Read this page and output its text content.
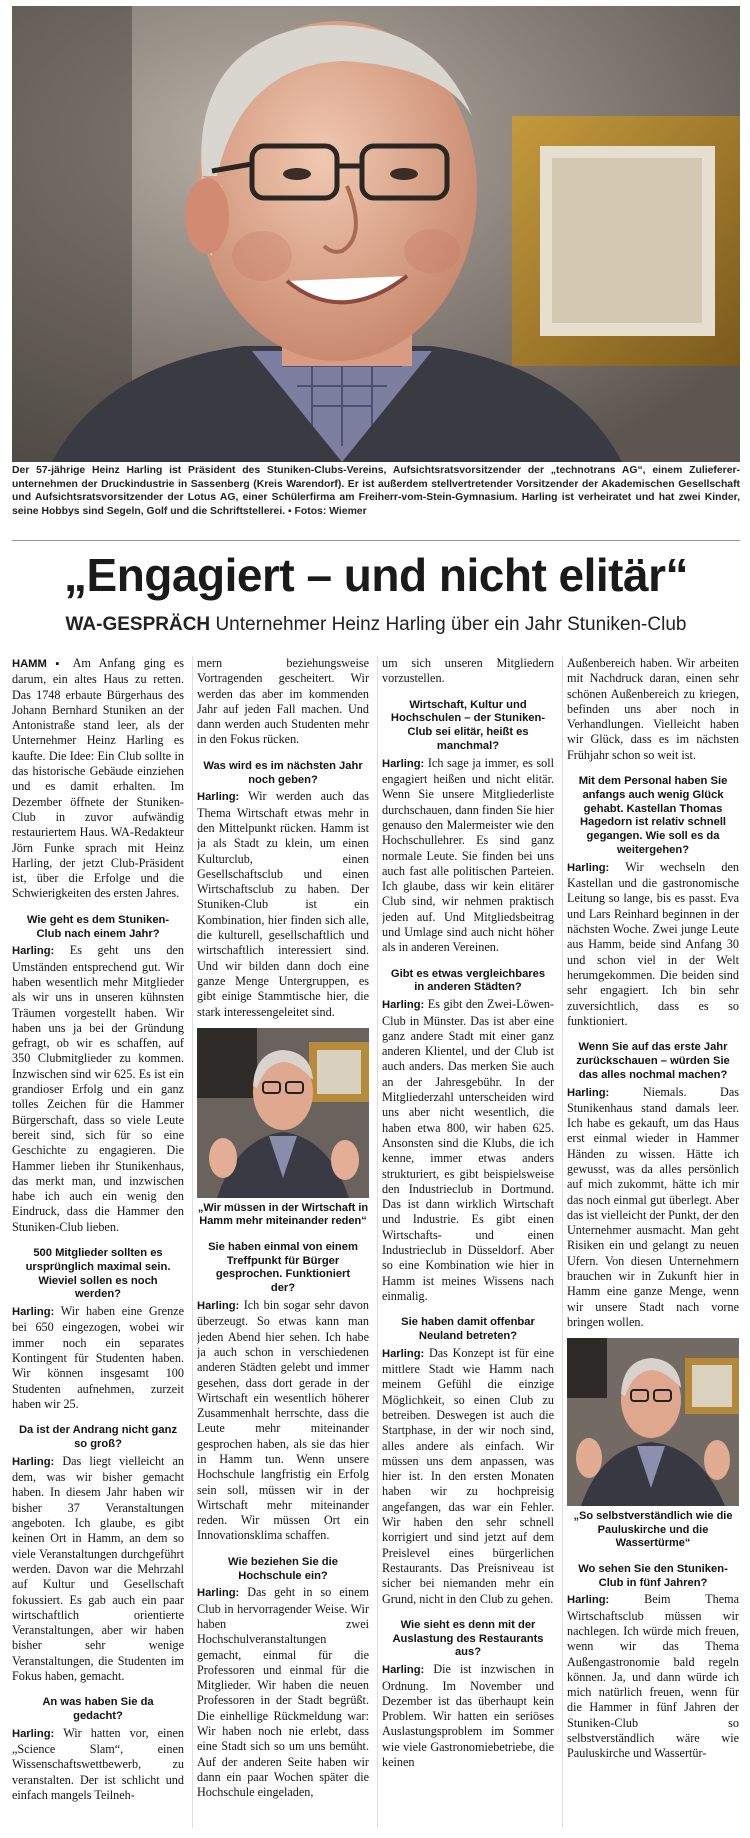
Der 57-jährige Heinz Harling ist Präsident des Stuniken-Clubs-Vereins, Aufsichtsratsvorsitzender der „technotrans AG“, einem Zulieferer-unternehmen der Druckindustrie in Sassenberg (Kreis Warendorf). Er ist außerdem stellvertretender Vorsitzender der Akademischen Gesellschaft und Aufsichtsratsvorsitzender der Lotus AG, einer Schülerfirma am Freiherr-vom-Stein-Gymnasium. Harling ist verheiratet und hat zwei Kinder, seine Hobbys sind Segeln, Golf und die Schriftstellerei. ▪ Fotos: Wiemer
„Engagiert – und nicht elitär“
WA-GESPRÄCH Unternehmer Heinz Harling über ein Jahr Stuniken-Club

HAMM ▪ Am Anfang ging es darum, ein altes Haus zu retten. Das 1748 erbaute Bürgerhaus des Johann Bernhard Stuniken an der Antonistraße stand leer, als der Unternehmer Heinz Harling es kaufte. Die Idee: Ein Club sollte in das historische Gebäude einziehen und es damit erhalten. Im Dezember öffnete der Stuniken-Club in zuvor aufwändig restauriertem Haus. WA-Redakteur Jörn Funke sprach mit Heinz Harling, der jetzt Club-Präsident ist, über die Erfolge und die Schwierigkeiten des ersten Jahres.

Wie geht es dem Stuniken-Club nach einem Jahr?

Harling: Es geht uns den Umständen entsprechend gut. Wir haben wesentlich mehr Mitglieder als wir uns in unseren kühnsten Träumen vorgestellt haben. Wir haben uns ja bei der Gründung gefragt, ob wir es schaffen, auf 350 Clubmitglieder zu kommen. Inzwischen sind wir 625. Es ist ein grandioser Erfolg und ein ganz tolles Zeichen für die Hammer Bürgerschaft, dass so viele Leute bereit sind, sich für so eine Geschichte zu engagieren. Die Hammer lieben ihr Stunikenhaus, das merkt man, und inzwischen habe ich auch ein wenig den Eindruck, dass die Hammer den Stuniken-Club lieben.

500 Mitglieder sollten es ursprünglich maximal sein. Wieviel sollen es noch werden?

Harling: Wir haben eine Grenze bei 650 eingezogen, wobei wir immer noch ein separates Kontingent für Studenten haben. Wir können insgesamt 100 Studenten aufnehmen, zurzeit haben wir 25.

Da ist der Andrang nicht ganz so groß?

Harling: Das liegt vielleicht an dem, was wir bisher gemacht haben. In diesem Jahr haben wir bisher 37 Veranstaltungen angeboten. Ich glaube, es gibt keinen Ort in Hamm, an dem so viele Veranstaltungen durchgeführt werden. Davon war die Mehrzahl auf Kultur und Gesellschaft fokussiert. Es gab auch ein paar wirtschaftlich orientierte Veranstaltungen, aber wir haben bisher sehr wenige Veranstaltungen, die Studenten im Fokus haben, gemacht.

An was haben Sie da gedacht?

Harling: Wir hatten vor, einen „Science Slam“, einen Wissenschaftswettbewerb, zu veranstalten. Der ist schlicht und einfach mangels Teilneh-

mern beziehungsweise Vortragenden gescheitert. Wir werden das aber im kommenden Jahr auf jeden Fall machen. Und dann werden auch Studenten mehr in den Fokus rücken.

Was wird es im nächsten Jahr noch geben?

Harling: Wir werden auch das Thema Wirtschaft etwas mehr in den Mittelpunkt rücken. Hamm ist ja als Stadt zu klein, um einen Kulturclub, einen Gesellschaftsclub und einen Wirtschaftsclub zu haben. Der Stuniken-Club ist ein Kombination, hier finden sich alle, die kulturell, gesellschaftlich und wirtschaftlich interessiert sind. Und wir bilden dann doch eine ganze Menge Untergruppen, es gibt einige Stammtische hier, die stark interessengeleitet sind.

„Wir müssen in der Wirtschaft in Hamm mehr miteinander reden“
Sie haben einmal von einem Treffpunkt für Bürger gesprochen. Funktioniert der?

Harling: Ich bin sogar sehr davon überzeugt. So etwas kann man jeden Abend hier sehen. Ich habe ja auch schon in verschiedenen anderen Städten gelebt und immer gesehen, dass dort gerade in der Wirtschaft ein wesentlich höherer Zusammenhalt herrschte, dass die Leute mehr miteinander gesprochen haben, als sie das hier in Hamm tun. Wenn unsere Hochschule langfristig ein Erfolg sein soll, müssen wir in der Wirtschaft mehr miteinander reden. Wir müssen Ort ein Innovationsklima schaffen.

Wie beziehen Sie die Hochschule ein?

Harling: Das geht in so einem Club in hervorragender Weise. Wir haben zwei Hochschulveranstaltungen gemacht, einmal für die Professoren und einmal für die Mitglieder. Wir haben die neuen Professoren in der Stadt begrüßt. Die einhellige Rückmeldung war: Wir haben noch nie erlebt, dass eine Stadt sich so um uns bemüht. Auf der anderen Seite haben wir dann ein paar Wochen später die Hochschule eingeladen,

um sich unseren Mitgliedern vorzustellen.

Wirtschaft, Kultur und Hochschulen – der Stuniken-Club sei elitär, heißt es manchmal?

Harling: Ich sage ja immer, es soll engagiert heißen und nicht elitär. Wenn Sie unsere Mitgliederliste durchschauen, dann finden Sie hier genauso den Malermeister wie den Hochschullehrer. Es sind ganz normale Leute. Sie finden bei uns auch fast alle politischen Parteien. Ich glaube, dass wir kein elitärer Club sind, wir nehmen praktisch jeden auf. Und Mitgliedsbeitrag und Umlage sind auch nicht höher als in anderen Vereinen.

Gibt es etwas vergleichbares in anderen Städten?

Harling: Es gibt den Zwei-Löwen-Club in Münster. Das ist aber eine ganz andere Stadt mit einer ganz anderen Klientel, und der Club ist auch anders. Das merken Sie auch an der Jahresgebühr. In der Mitgliederzahl unterscheiden wird uns aber nicht wesentlich, die haben etwa 800, wir haben 625. Ansonsten sind die Klubs, die ich kenne, immer etwas anders strukturiert, es gibt beispielsweise den Industrieclub in Dortmund. Das ist dann wirklich Wirtschaft und Industrie. Es gibt einen Wirtschafts- und einen Industrieclub in Düsseldorf. Aber so eine Kombination wie hier in Hamm ist meines Wissens nach einmalig.

Sie haben damit offenbar Neuland betreten?

Harling: Das Konzept ist für eine mittlere Stadt wie Hamm nach meinem Gefühl die einzige Möglichkeit, so einen Club zu betreiben. Deswegen ist auch die Startphase, in der wir noch sind, alles andere als einfach. Wir müssen uns dem anpassen, was hier ist. In den ersten Monaten haben wir zu hochpreisig angefangen, das war ein Fehler. Wir haben den sehr schnell korrigiert und sind jetzt auf dem Preislevel eines bürgerlichen Restaurants. Das Preisniveau ist sicher bei niemanden mehr ein Grund, nicht in den Club zu gehen.

Wie sieht es denn mit der Auslastung des Restaurants aus?

Harling: Die ist inzwischen in Ordnung. Im November und Dezember ist das überhaupt kein Problem. Wir hatten ein seriöses Auslastungsproblem im Sommer wie viele Gastronomiebetriebe, die keinen

Außenbereich haben. Wir arbeiten mit Nachdruck daran, einen sehr schönen Außenbereich zu kriegen, befinden uns aber noch in Verhandlungen. Vielleicht haben wir Glück, dass es im nächsten Frühjahr schon so weit ist.

Mit dem Personal haben Sie anfangs auch wenig Glück gehabt. Kastellan Thomas Hagedorn ist relativ schnell gegangen. Wie soll es da weitergehen?

Harling: Wir wechseln den Kastellan und die gastronomische Leitung so lange, bis es passt. Eva und Lars Reinhard beginnen in der nächsten Woche. Zwei junge Leute aus Hamm, beide sind Anfang 30 und schon viel in der Welt herumgekommen. Die beiden sind sehr engagiert. Ich bin sehr zuversichtlich, dass es so funktioniert.

Wenn Sie auf das erste Jahr zurückschauen – würden Sie das alles nochmal machen?

Harling:	Niemals. Das Stunikenhaus stand damals leer. Ich habe es gekauft, um das Haus erst einmal wieder in Hammer Händen zu wissen. Hätte ich gewusst, was da alles persönlich auf mich zukommt, hätte ich mir das noch einmal gut überlegt. Aber das ist vielleicht der Punkt, der den Unternehmer ausmacht. Man geht Risiken ein und gelangt zu neuen Ufern. Von diesen Unternehmern brauchen wir in Zukunft hier in Hamm eine ganze Menge, wenn wir unsere Stadt nach vorne bringen wollen.

„So selbstverständlich wie die Pauluskirche und die Wassertürme“
Wo sehen Sie den Stuniken-Club in fünf Jahren?

Harling:	Beim Thema Wirtschaftsclub müssen wir nachlegen. Ich würde mich freuen, wenn wir das Thema Außengastronomie bald regeln können. Ja, und dann würde ich mich natürlich freuen, wenn für die Hammer in fünf Jahren der Stuniken-Club so selbstverständlich wäre wie Pauluskirche und Wassertür-
